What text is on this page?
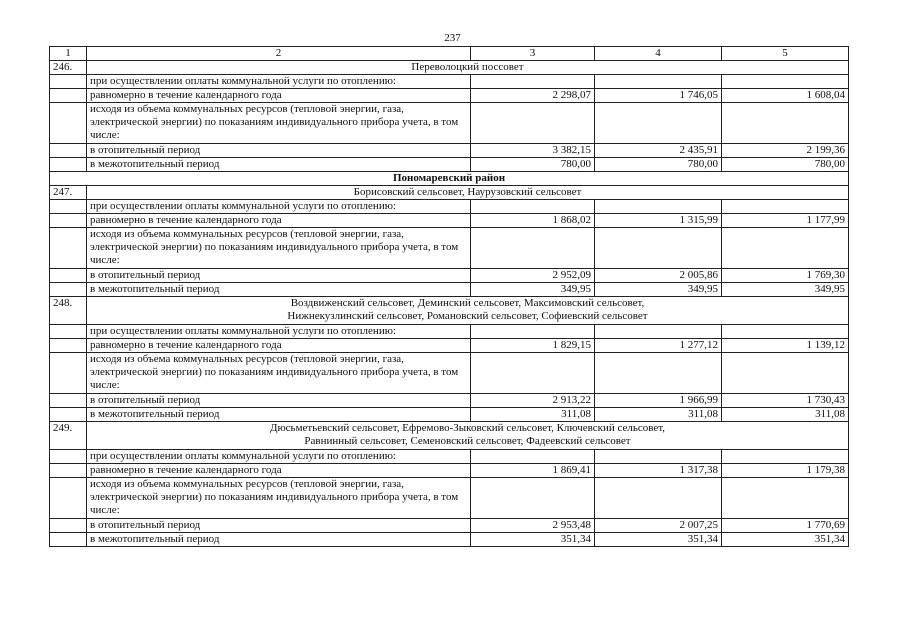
237
1	2	3	4	5
246.	Переволоцкий поссовет			
	при осуществлении оплаты коммунальной услуги по отоплению:			
	равномерно в течение календарного года	2 298,07	1 746,05	1 608,04
	исходя из объема коммунальных ресурсов (тепловой энергии, газа, электрической энергии) по показаниям индивидуального прибора учета, в том числе:			
	в отопительный период	3 382,15	2 435,91	2 199,36
	в межотопительный период	780,00	780,00	780,00
Пономаревский район				
247.	Борисовский сельсовет, Наурузовский сельсовет			
	при осуществлении оплаты коммунальной услуги по отоплению:			
	равномерно в течение календарного года	1 868,02	1 315,99	1 177,99
	исходя из объема коммунальных ресурсов (тепловой энергии, газа, электрической энергии) по показаниям индивидуального прибора учета, в том числе:			
	в отопительный период	2 952,09	2 005,86	1 769,30
	в межотопительный период	349,95	349,95	349,95
248.	Воздвиженский сельсовет, Деминский сельсовет, Максимовский сельсовет,
Нижнекузлинский сельсовет, Романовский сельсовет, Софиевский сельсовет			
	при осуществлении оплаты коммунальной услуги по отоплению:			
	равномерно в течение календарного года	1 829,15	1 277,12	1 139,12
	исходя из объема коммунальных ресурсов (тепловой энергии, газа, электрической энергии) по показаниям индивидуального прибора учета, в том числе:			
	в отопительный период	2 913,22	1 966,99	1 730,43
	в межотопительный период	311,08	311,08	311,08
249.	Дюсьметьевский сельсовет, Ефремово-Зыковский сельсовет, Ключевский сельсовет,
Равнинный сельсовет, Семеновский сельсовет, Фадеевский сельсовет			
	при осуществлении оплаты коммунальной услуги по отоплению:			
	равномерно в течение календарного года	1 869,41	1 317,38	1 179,38
	исходя из объема коммунальных ресурсов (тепловой энергии, газа, электрической энергии) по показаниям индивидуального прибора учета, в том числе:			
	в отопительный период	2 953,48	2 007,25	1 770,69
	в межотопительный период	351,34	351,34	351,34
